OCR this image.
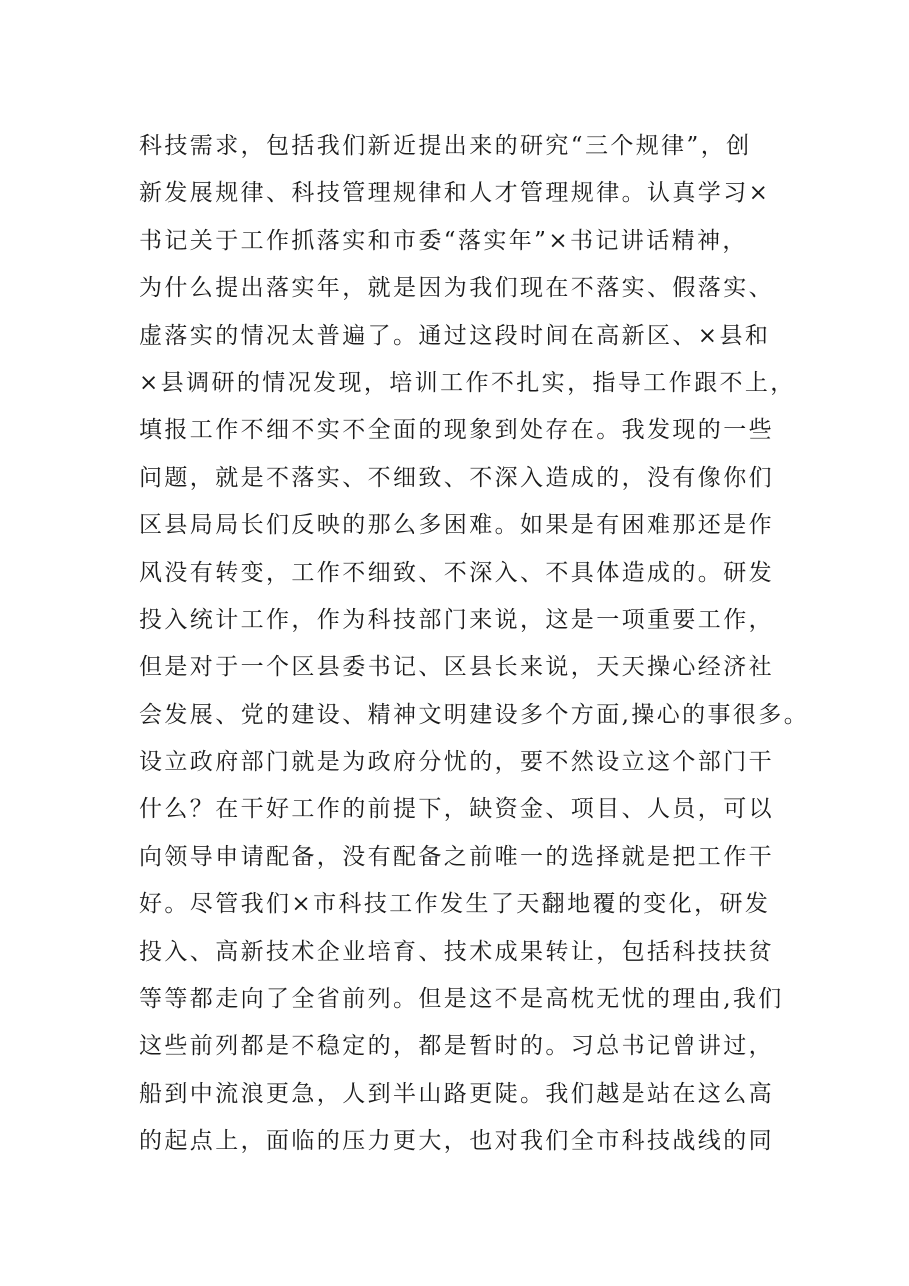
科技需求，包括我们新近提出来的研究“三个规律”，创
新发展规律、科技管理规律和人才管理规律。认真学习×
书记关于工作抓落实和市委“落实年”×书记讲话精神，
为什么提出落实年，就是因为我们现在不落实、假落实、
虚落实的情况太普遍了。通过这段时间在高新区、×县和
×县调研的情况发现，培训工作不扎实，指导工作跟不上，
填报工作不细不实不全面的现象到处存在。我发现的一些
问题，就是不落实、不细致、不深入造成的，没有像你们
区县局局长们反映的那么多困难。如果是有困难那还是作
风没有转变，工作不细致、不深入、不具体造成的。研发
投入统计工作，作为科技部门来说，这是一项重要工作，
但是对于一个区县委书记、区县长来说，天天操心经济社
会发展、党的建设、精神文明建设多个方面,操心的事很多。
设立政府部门就是为政府分忧的，要不然设立这个部门干
什么？在干好工作的前提下，缺资金、项目、人员，可以
向领导申请配备，没有配备之前唯一的选择就是把工作干
好。尽管我们×市科技工作发生了天翻地覆的变化，研发
投入、高新技术企业培育、技术成果转让，包括科技扶贫
等等都走向了全省前列。但是这不是高枕无忧的理由,我们
这些前列都是不稳定的，都是暂时的。习总书记曾讲过，
船到中流浪更急，人到半山路更陡。我们越是站在这么高
的起点上，面临的压力更大，也对我们全市科技战线的同
